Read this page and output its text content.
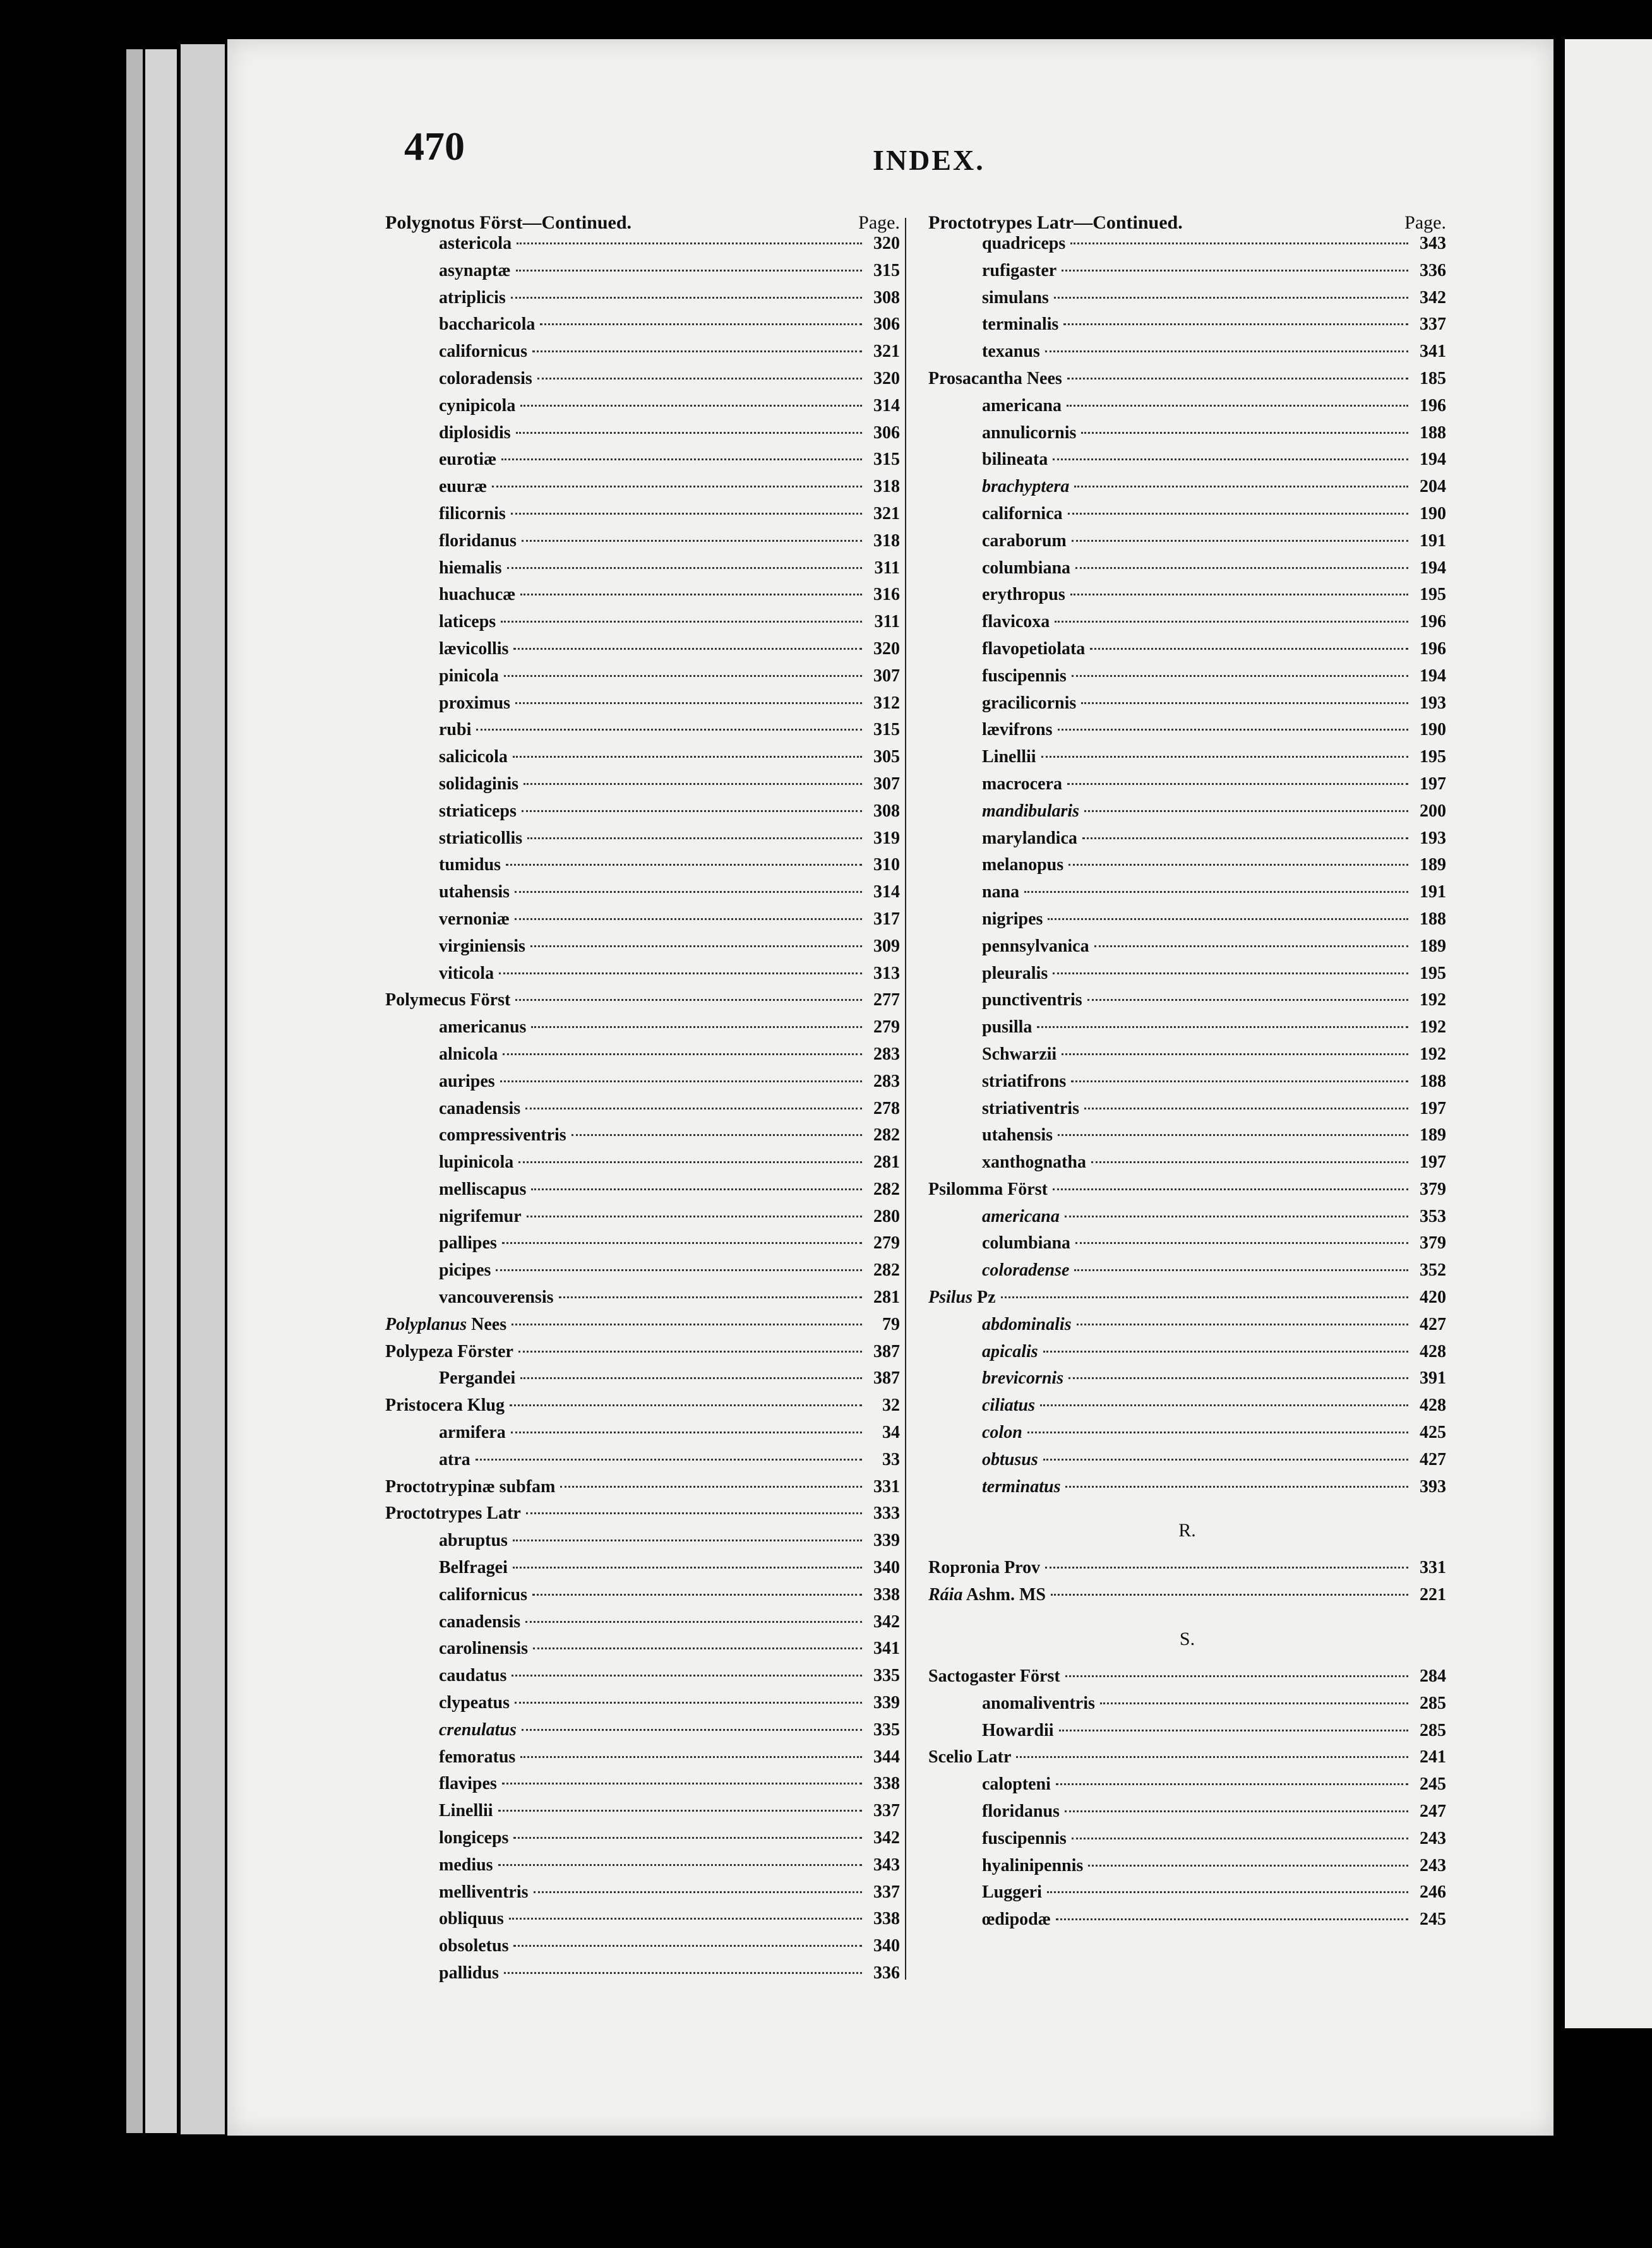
470	INDEX.
Polygnotus Först—Continued.	Page.
astericola	320
asynaptæ	315
atriplicis	308
baccharicola	306
californicus	321
coloradensis	320
cynipicola	314
diplosidis	306
eurotiæ	315
euuræ	318
filicornis	321
floridanus	318
hiemalis	311
huachucæ	316
laticeps	311
lævicollis	320
pinicola	307
proximus	312
rubi	315
salicicola	305
solidaginis	307
striaticeps	308
striaticollis	319
tumidus	310
utahensis	314
vernoniæ	317
virginiensis	309
viticola	313
Polymecus Först	277
americanus	279
alnicola	283
auripes	283
canadensis	278
compressiventris	282
lupinicola	281
melliscapus	282
nigrifemur	280
pallipes	279
picipes	282
vancouverensis	281
Polyplanus Nees	79
Polypeza Förster	387
Pergandei	387
Pristocera Klug	32
armifera	34
atra	33
Proctotrypinæ subfam	331
Proctotrypes Latr	333
abruptus	339
Belfragei	340
californicus	338
canadensis	342
carolinensis	341
caudatus	335
clypeatus	339
crenulatus	335
femoratus	344
flavipes	338
Linellii	337
longiceps	342
medius	343
melliventris	337
obliquus	338
obsoletus	340
pallidus	336
Proctotrypes Latr—Continued.	Page.
quadriceps	343
rufigaster	336
simulans	342
terminalis	337
texanus	341
Prosacantha Nees	185
americana	196
annulicornis	188
bilineata	194
brachyptera	204
californica	190
caraborum	191
columbiana	194
erythropus	195
flavicoxa	196
flavopetiolata	196
fuscipennis	194
gracilicornis	193
lævifrons	190
Linellii	195
macrocera	197
mandibularis	200
marylandica	193
melanopus	189
nana	191
nigripes	188
pennsylvanica	189
pleuralis	195
punctiventris	192
pusilla	192
Schwarzii	192
striatifrons	188
striativentris	197
utahensis	189
xanthognatha	197
Psilomma Först	379
americana	353
columbiana	379
coloradense	352
Psilus Pz	420
abdominalis	427
apicalis	428
brevicornis	391
ciliatus	428
colon	425
obtusus	427
terminatus	393
R.
Ropronia Prov	331
Ráia Ashm. MS	221
S.
Sactogaster Först	284
anomaliventris	285
Howardii	285
Scelio Latr	241
calopteni	245
floridanus	247
fuscipennis	243
hyalinipennis	243
Luggeri	246
œdipodæ	245
